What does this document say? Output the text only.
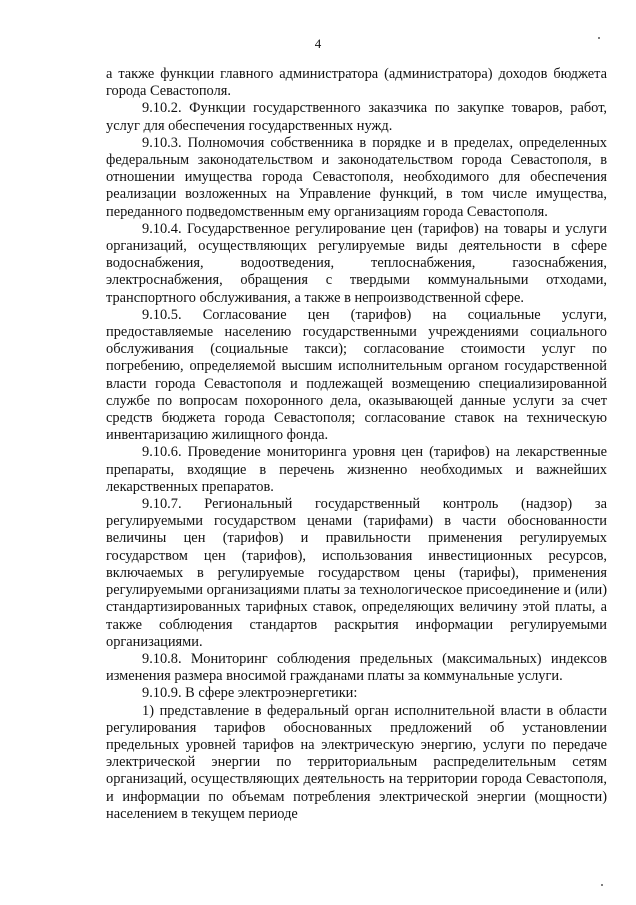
4

а также функции главного администратора (администратора) доходов бюджета города Севастополя.

9.10.2. Функции государственного заказчика по закупке товаров, работ, услуг для обеспечения государственных нужд.

9.10.3. Полномочия собственника в порядке и в пределах, определенных федеральным законодательством и законодательством города Севастополя, в отношении имущества города Севастополя, необходимого для обеспечения реализации возложенных на Управление функций, в том числе имущества, переданного подведомственным ему организациям города Севастополя.

9.10.4. Государственное регулирование цен (тарифов) на товары и услуги организаций, осуществляющих регулируемые виды деятельности в сфере водоснабжения, водоотведения, теплоснабжения, газоснабжения, электроснабжения, обращения с твердыми коммунальными отходами, транспортного обслуживания, а также в непроизводственной сфере.

9.10.5. Согласование цен (тарифов) на социальные услуги, предоставляемые населению государственными учреждениями социального обслуживания (социальные такси); согласование стоимости услуг по погребению, определяемой высшим исполнительным органом государственной власти города Севастополя и подлежащей возмещению специализированной службе по вопросам похоронного дела, оказывающей данные услуги за счет средств бюджета города Севастополя; согласование ставок на техническую инвентаризацию жилищного фонда.

9.10.6. Проведение мониторинга уровня цен (тарифов) на лекарственные препараты, входящие в перечень жизненно необходимых и важнейших лекарственных препаратов.

9.10.7. Региональный государственный контроль (надзор) за регулируемыми государством ценами (тарифами) в части обоснованности величины цен (тарифов) и правильности применения регулируемых государством цен (тарифов), использования инвестиционных ресурсов, включаемых в регулируемые государством цены (тарифы), применения регулируемыми организациями платы за технологическое присоединение и (или) стандартизированных тарифных ставок, определяющих величину этой платы, а также соблюдения стандартов раскрытия информации регулируемыми организациями.

9.10.8. Мониторинг соблюдения предельных (максимальных) индексов изменения размера вносимой гражданами платы за коммунальные услуги.

9.10.9. В сфере электроэнергетики:

1) представление в федеральный орган исполнительной власти в области регулирования тарифов обоснованных предложений об установлении предельных уровней тарифов на электрическую энергию, услуги по передаче электрической энергии по территориальным распределительным сетям организаций, осуществляющих деятельность на территории города Севастополя, и информации по объемам потребления электрической энергии (мощности) населением в текущем периоде
